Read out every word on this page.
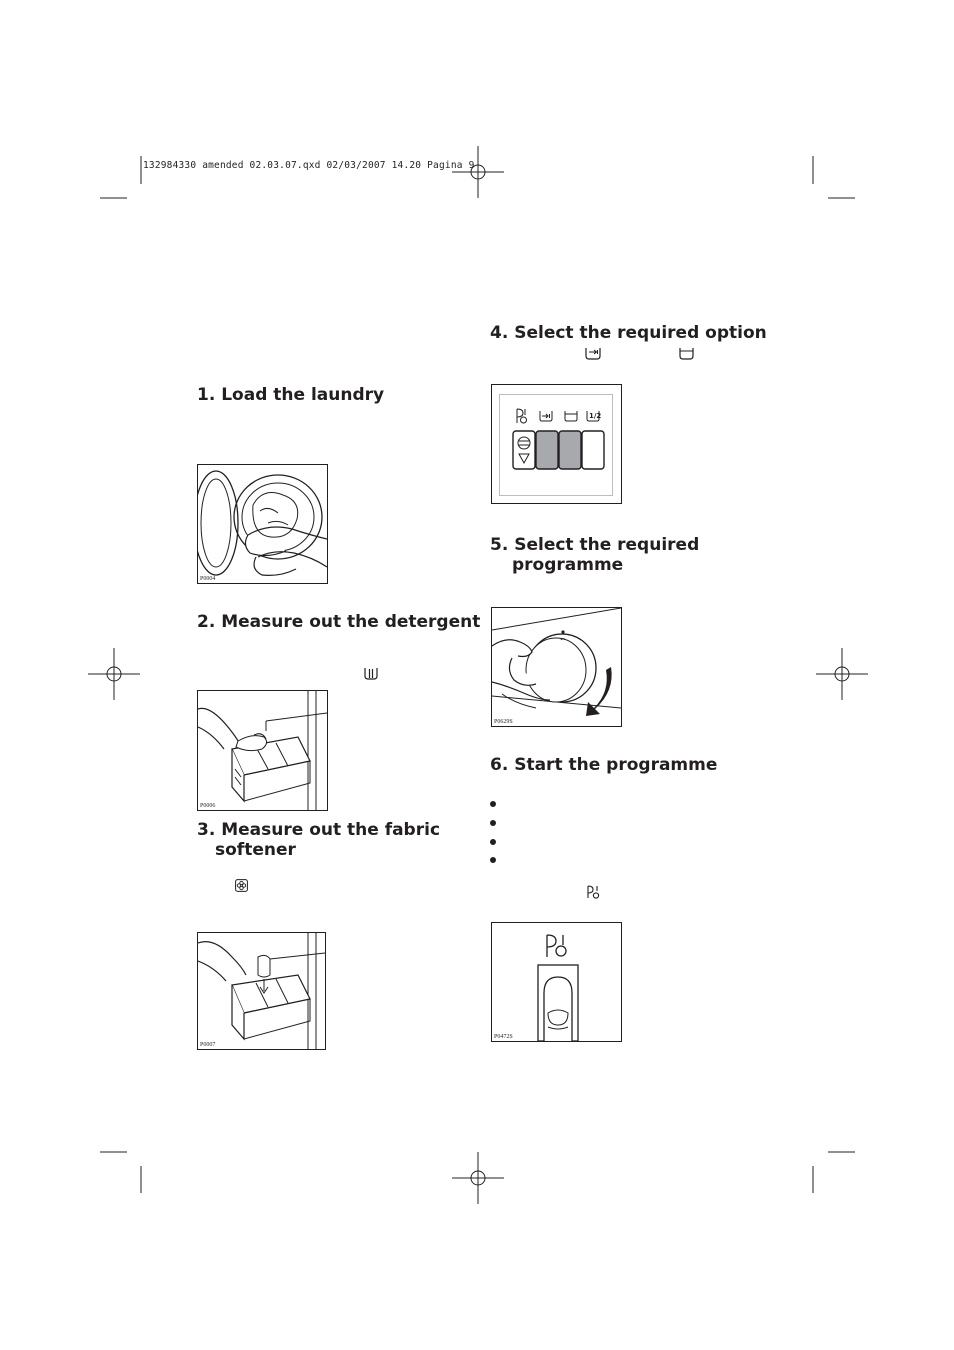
132984330 amended 02.03.07.qxd 02/03/2007 14.20 Pagina 9
1. Load the laundry
P0004
2. Measure out the detergent
P0006
3. Measure out the fabric
softener
P0007
4. Select the required option
1/2
5. Select the required
programme
P0629S
6. Start the programme
P0472S
